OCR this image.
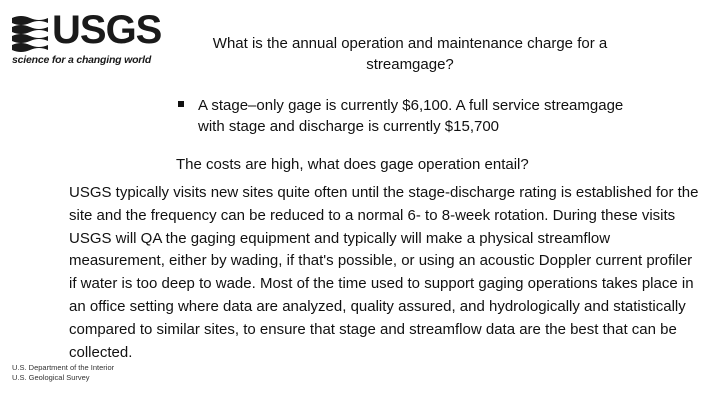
USGS
science for a changing world
What is the annual operation and maintenance charge for a streamgage?
A stage–only gage is currently $6,100. A full service streamgage with stage and discharge is currently $15,700
The costs are high, what does gage operation entail?
USGS typically visits new sites quite often until the stage-discharge rating is established for the site and the frequency can be reduced to a normal 6- to 8-week rotation. During these visits USGS will QA the gaging equipment and typically will make a physical streamflow measurement, either by wading, if that's possible, or using an acoustic Doppler current profiler if water is too deep to wade. Most of the time used to support gaging operations takes place in an office setting where data are analyzed, quality assured, and hydrologically and statistically compared to similar sites, to ensure that stage and streamflow data are the best that can be collected.
U.S. Department of the Interior
U.S. Geological Survey
